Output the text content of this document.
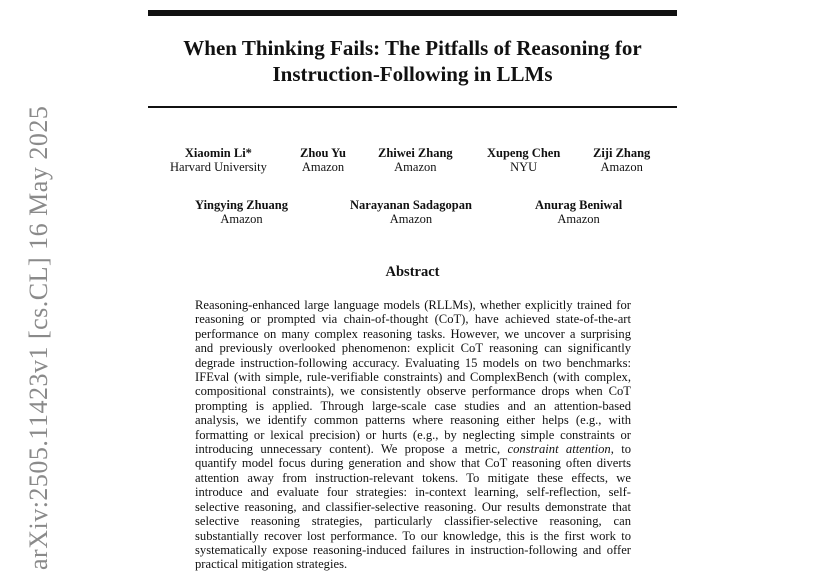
When Thinking Fails: The Pitfalls of Reasoning for
Instruction-Following in LLMs
Xiaomin Li*
Harvard University
Zhou Yu
Amazon
Zhiwei Zhang
Amazon
Xupeng Chen
NYU
Ziji Zhang
Amazon
Yingying Zhuang
Amazon
Narayanan Sadagopan
Amazon
Anurag Beniwal
Amazon
Abstract
Reasoning-enhanced large language models (RLLMs), whether explicitly trained for reasoning or prompted via chain-of-thought (CoT), have achieved state-of-the-art performance on many complex reasoning tasks. However, we uncover a surprising and previously overlooked phenomenon: explicit CoT reasoning can significantly degrade instruction-following accuracy. Evaluating 15 models on two benchmarks: IFEval (with simple, rule-verifiable constraints) and ComplexBench (with complex, compositional constraints), we consistently observe performance drops when CoT prompting is applied. Through large-scale case studies and an attention-based analysis, we identify common patterns where reasoning either helps (e.g., with formatting or lexical precision) or hurts (e.g., by neglecting simple constraints or introducing unnecessary content). We propose a metric, constraint attention, to quantify model focus during generation and show that CoT reasoning often diverts attention away from instruction-relevant tokens. To mitigate these effects, we introduce and evaluate four strategies: in-context learning, self-reflection, self-selective reasoning, and classifier-selective reasoning. Our results demonstrate that selective reasoning strategies, particularly classifier-selective reasoning, can substantially recover lost performance. To our knowledge, this is the first work to systematically expose reasoning-induced failures in instruction-following and offer practical mitigation strategies.
arXiv:2505.11423v1 [cs.CL] 16 May 2025
